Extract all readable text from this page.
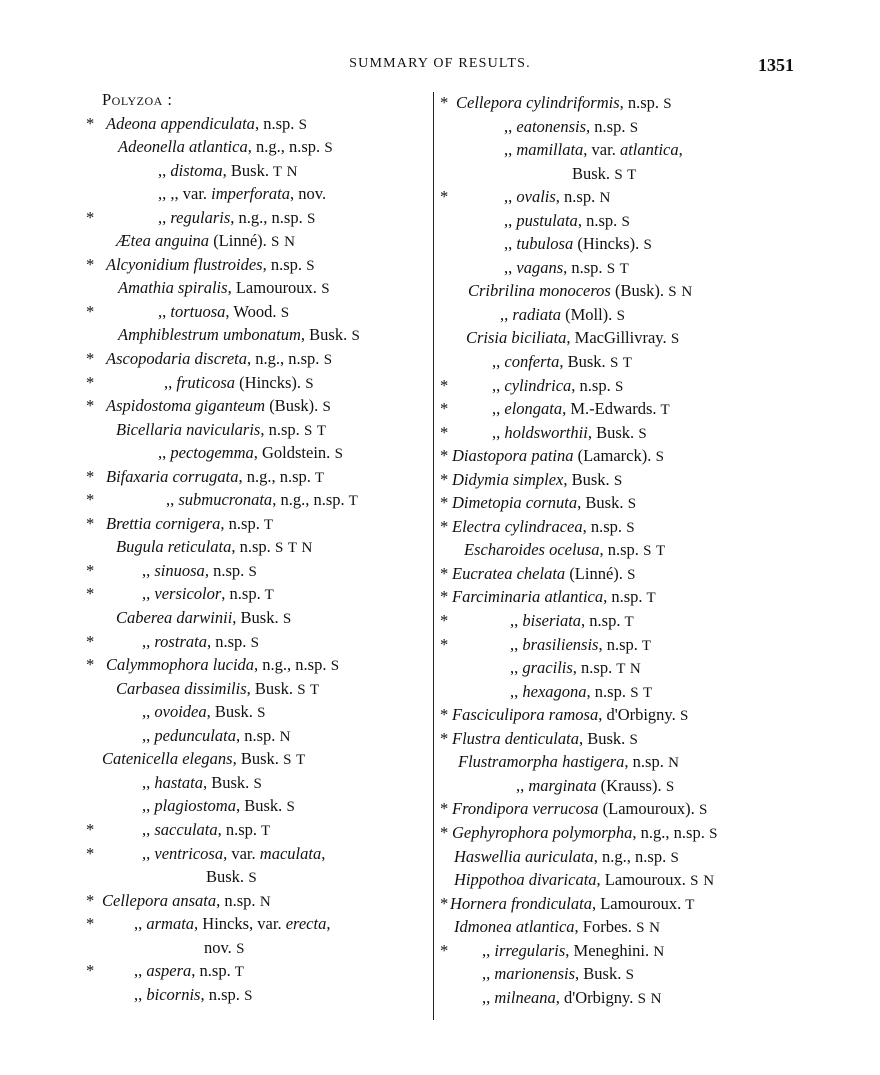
SUMMARY OF RESULTS.	1351
Polyzoa :
* Adeona appendiculata, n.sp. S
Adeonella atlantica, n.g., n.sp. S
,, distoma, Busk. T N
,, ,, var. imperforata, nov.
*	,, regularis, n.g., n.sp. S
Ætea anguina (Linné). S N
* Alcyonidium flustroides, n.sp. S
Amathia spiralis, Lamouroux. S
*	,, tortuosa, Wood. S
Amphiblestrum umbonatum, Busk. S
* Ascopodaria discreta, n.g., n.sp. S
*	,, fruticosa (Hincks). S
* Aspidostoma giganteum (Busk). S
Bicellaria navicularis, n.sp. S T
,, pectogemma, Goldstein. S
* Bifaxaria corrugata, n.g., n.sp. T
*	,, submucronata, n.g., n.sp. T
* Brettia cornigera, n.sp. T
Bugula reticulata, n.sp. S T N
*	,, sinuosa, n.sp. S
*	,, versicolor, n.sp. T
Caberea darwinii, Busk. S
*	,, rostrata, n.sp. S
* Calymmophora lucida, n.g., n.sp. S
Carbasea dissimilis, Busk. S T
,, ovoidea, Busk. S
,, pedunculata, n.sp. N
Catenicella elegans, Busk. S T
,, hastata, Busk. S
,, plagiostoma, Busk. S
*	,, sacculata, n.sp. T
*	,, ventricosa, var. maculata,
Busk. S
* Cellepora ansata, n.sp. N
* ,, armata, Hincks, var. erecta,
nov. S
* ,, aspera, n.sp. T
,, bicornis, n.sp. S
* Cellepora cylindriformis, n.sp. S
,, eatonensis, n.sp. S
,, mamillata, var. atlantica,
Busk. S T
*	,, ovalis, n.sp. N
,, pustulata, n.sp. S
,, tubulosa (Hincks). S
,, vagans, n.sp. S T
Cribrilina monoceros (Busk). S N
,, radiata (Moll). S
Crisia biciliata, MacGillivray. S
,, conferta, Busk. S T
*	,, cylindrica, n.sp. S
*	,, elongata, M.-Edwards. T
*	,, holdsworthii, Busk. S
* Diastopora patina (Lamarck). S
* Didymia simplex, Busk. S
* Dimetopia cornuta, Busk. S
* Electra cylindracea, n.sp. S
Escharoides ocelusa, n.sp. S T
* Eucratea chelata (Linné). S
* Farciminaria atlantica, n.sp. T
*	,, biseriata, n.sp. T
*	,, brasiliensis, n.sp. T
,, gracilis, n.sp. T N
,, hexagona, n.sp. S T
* Fasciculipora ramosa, d'Orbigny. S
* Flustra denticulata, Busk. S
Flustramorpha hastigera, n.sp. N
,, marginata (Krauss). S
* Frondipora verrucosa (Lamouroux). S
* Gephyrophora polymorpha, n.g., n.sp. S
Haswellia auriculata, n.g., n.sp. S
Hippothoa divaricata, Lamouroux. S N
* Hornera frondiculata, Lamouroux. T
Idmonea atlantica, Forbes. S N
* ,, irregularis, Meneghini. N
,, marionensis, Busk. S
,, milneana, d'Orbigny. S N
